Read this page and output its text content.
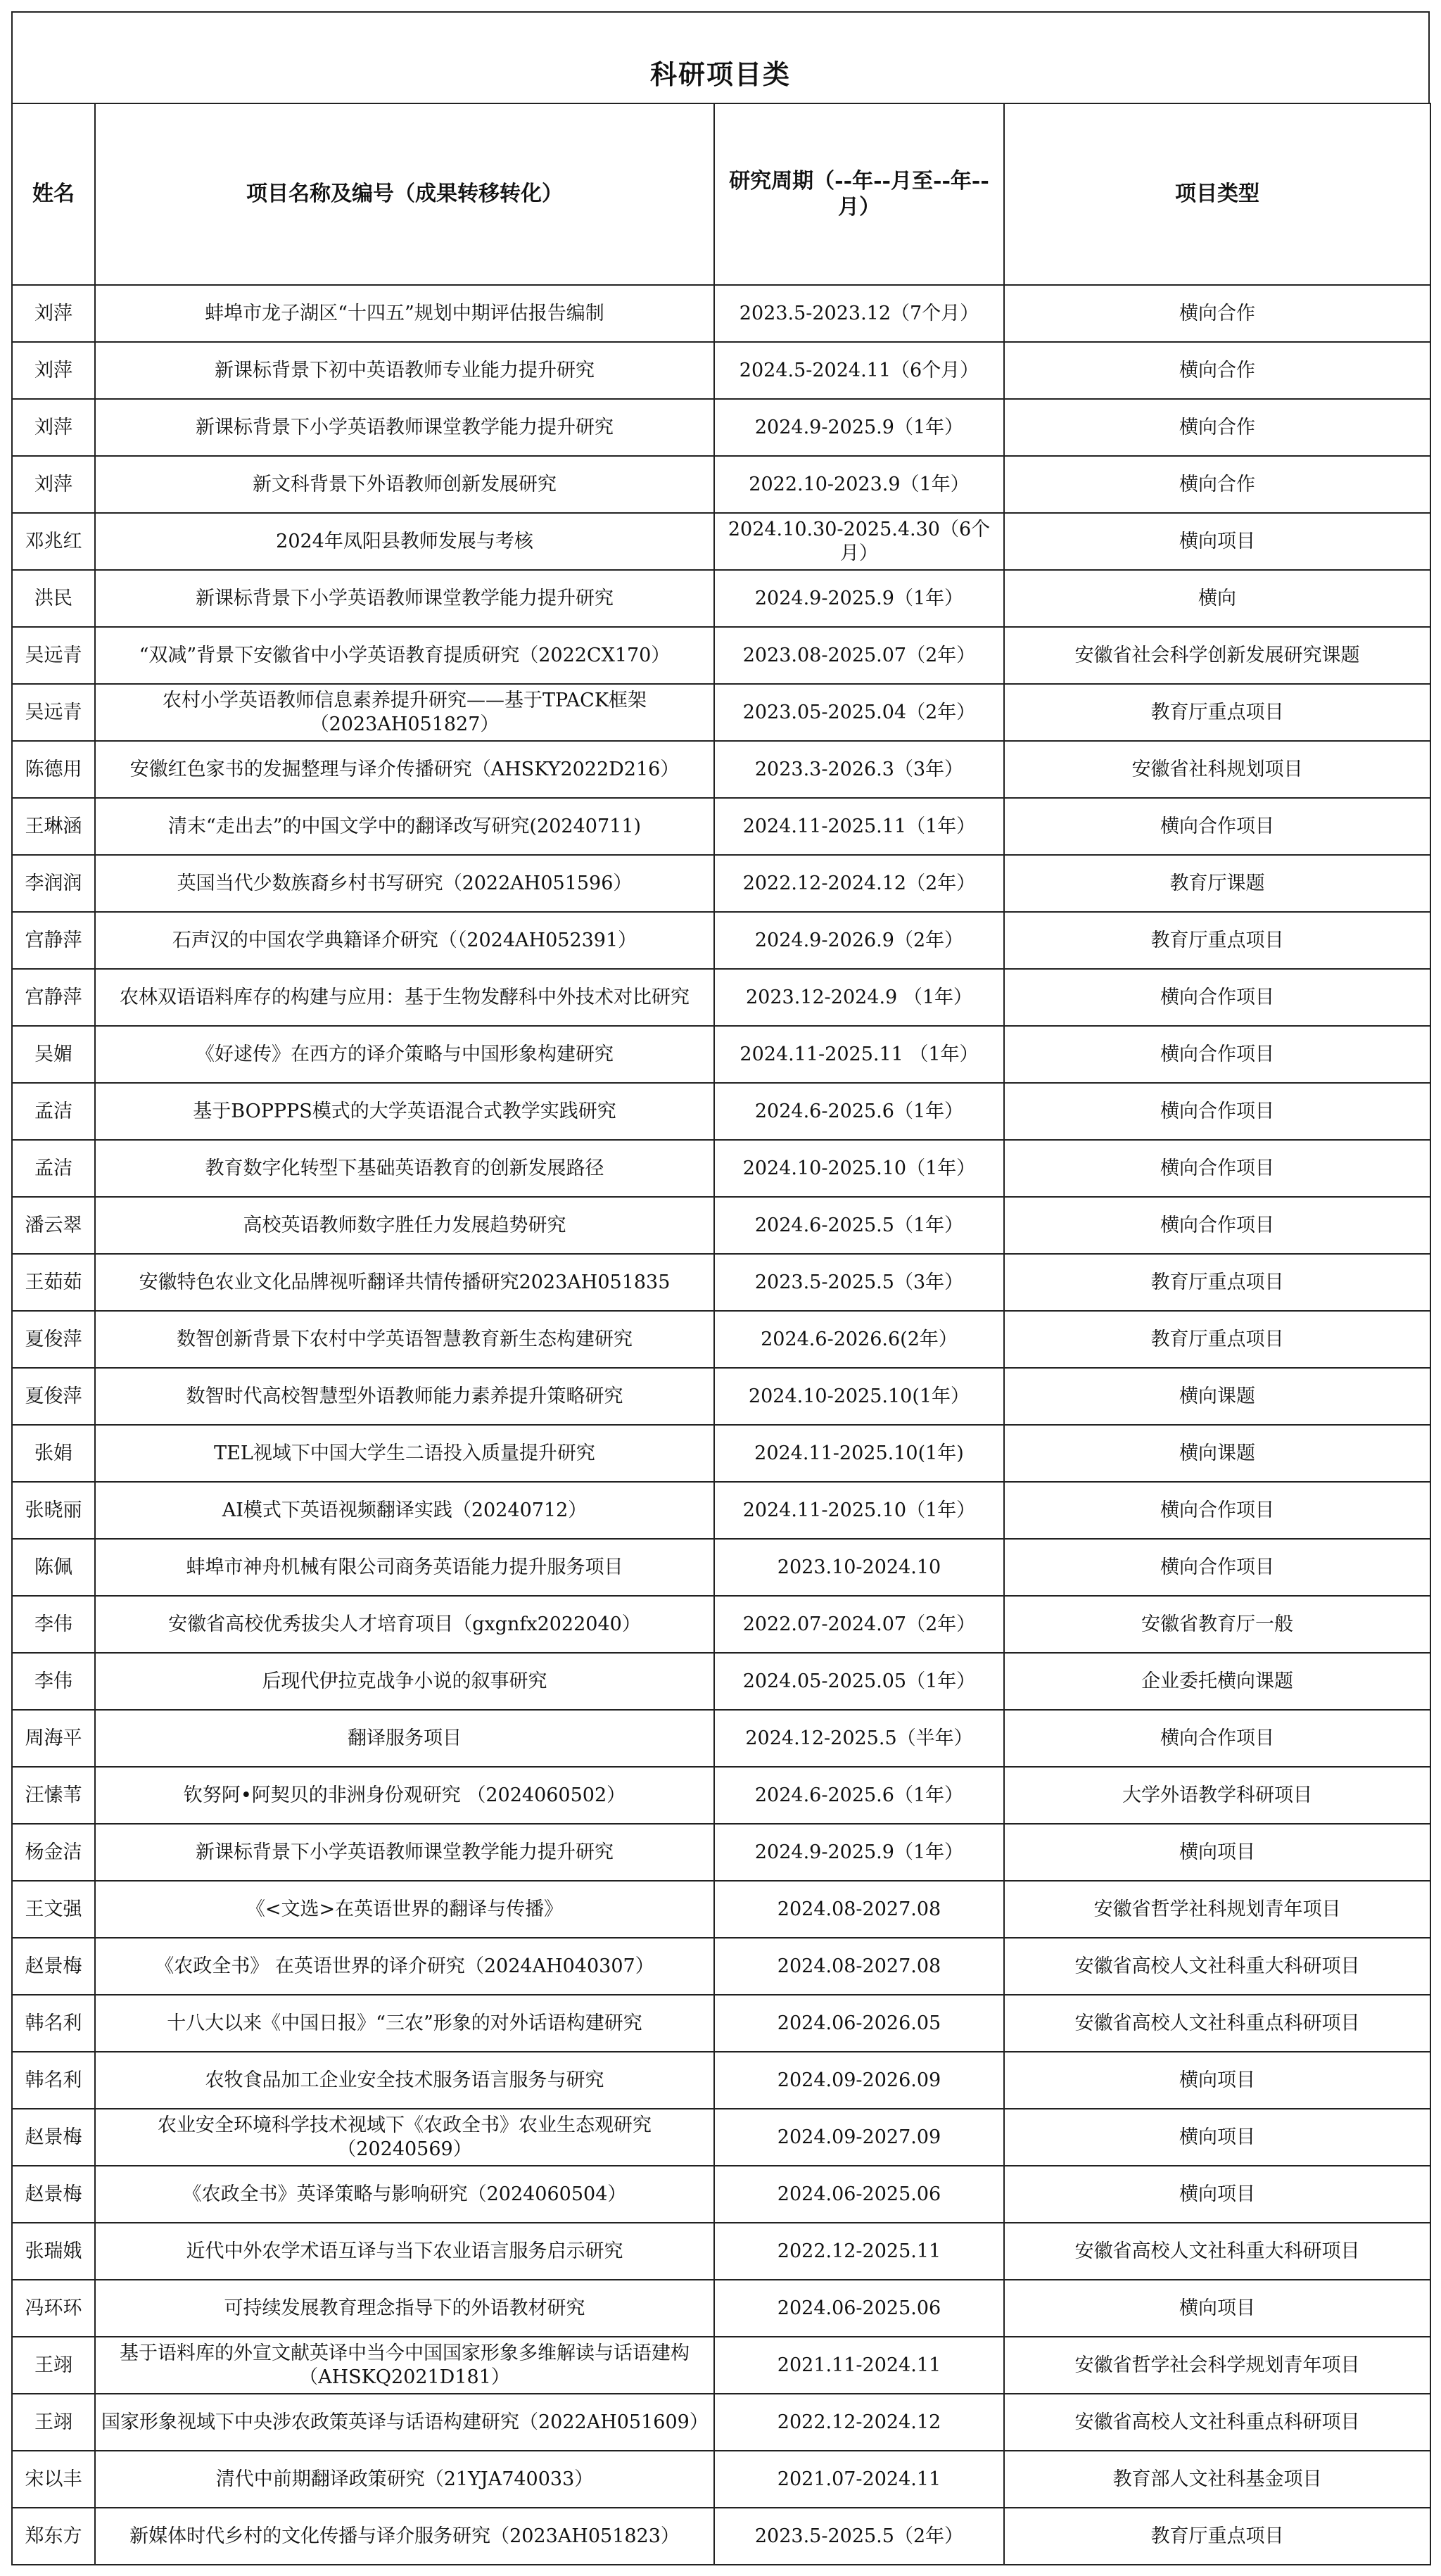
科研项目类
姓名	项目名称及编号（成果转移转化）	研究周期（--年--月至--年--月）	项目类型
刘萍	蚌埠市龙子湖区“十四五”规划中期评估报告编制	2023.5-2023.12（7个月）	横向合作
刘萍	新课标背景下初中英语教师专业能力提升研究	2024.5-2024.11（6个月）	横向合作
刘萍	新课标背景下小学英语教师课堂教学能力提升研究	2024.9-2025.9（1年）	横向合作
刘萍	新文科背景下外语教师创新发展研究	2022.10-2023.9（1年）	横向合作
邓兆红	2024年凤阳县教师发展与考核	2024.10.30-2025.4.30（6个月）	横向项目
洪民	新课标背景下小学英语教师课堂教学能力提升研究	2024.9-2025.9（1年）	横向
吴远青	“双减”背景下安徽省中小学英语教育提质研究（2022CX170）	2023.08-2025.07（2年）	安徽省社会科学创新发展研究课题
吴远青	农村小学英语教师信息素养提升研究——基于TPACK框架（2023AH051827）	2023.05-2025.04（2年）	教育厅重点项目
陈德用	安徽红色家书的发掘整理与译介传播研究（AHSKY2022D216）	2023.3-2026.3（3年）	安徽省社科规划项目
王琳涵	清末“走出去”的中国文学中的翻译改写研究(20240711)	2024.11-2025.11（1年）	横向合作项目
李润润	英国当代少数族裔乡村书写研究（2022AH051596）	2022.12-2024.12（2年）	教育厅课题
宫静萍	石声汉的中国农学典籍译介研究（（2024AH052391）	2024.9-2026.9（2年）	教育厅重点项目
宫静萍	农林双语语料库存的构建与应用：基于生物发酵科中外技术对比研究	2023.12-2024.9 （1年）	横向合作项目
吴媚	《好逑传》在西方的译介策略与中国形象构建研究	2024.11-2025.11 （1年）	横向合作项目
孟洁	基于BOPPPS模式的大学英语混合式教学实践研究	2024.6-2025.6（1年）	横向合作项目
孟洁	教育数字化转型下基础英语教育的创新发展路径	2024.10-2025.10（1年）	横向合作项目
潘云翠	高校英语教师数字胜任力发展趋势研究	2024.6-2025.5（1年）	横向合作项目
王茹茹	安徽特色农业文化品牌视听翻译共情传播研究2023AH051835	2023.5-2025.5（3年）	教育厅重点项目
夏俊萍	数智创新背景下农村中学英语智慧教育新生态构建研究	2024.6-2026.6(2年）	教育厅重点项目
夏俊萍	数智时代高校智慧型外语教师能力素养提升策略研究	2024.10-2025.10(1年）	横向课题
张娟	TEL视域下中国大学生二语投入质量提升研究	2024.11-2025.10(1年)	横向课题
张晓丽	AI模式下英语视频翻译实践（20240712）	2024.11-2025.10（1年）	横向合作项目
陈佩	蚌埠市神舟机械有限公司商务英语能力提升服务项目	2023.10-2024.10	横向合作项目
李伟	安徽省高校优秀拔尖人才培育项目（gxgnfx2022040）	2022.07-2024.07（2年）	安徽省教育厅一般
李伟	后现代伊拉克战争小说的叙事研究	2024.05-2025.05（1年）	企业委托横向课题
周海平	翻译服务项目	2024.12-2025.5（半年）	横向合作项目
汪愫苇	钦努阿•阿契贝的非洲身份观研究 （2024060502）	2024.6-2025.6（1年）	大学外语教学科研项目
杨金洁	新课标背景下小学英语教师课堂教学能力提升研究	2024.9-2025.9（1年）	横向项目
王文强	《<文选>在英语世界的翻译与传播》	2024.08-2027.08	安徽省哲学社科规划青年项目
赵景梅	《农政全书》 在英语世界的译介研究（2024AH040307）	2024.08-2027.08	安徽省高校人文社科重大科研项目
韩名利	十八大以来《中国日报》“三农”形象的对外话语构建研究	2024.06-2026.05	安徽省高校人文社科重点科研项目
韩名利	农牧食品加工企业安全技术服务语言服务与研究	2024.09-2026.09	横向项目
赵景梅	农业安全环境科学技术视域下《农政全书》农业生态观研究（20240569）	2024.09-2027.09	横向项目
赵景梅	《农政全书》英译策略与影响研究（2024060504）	2024.06-2025.06	横向项目
张瑞娥	近代中外农学术语互译与当下农业语言服务启示研究	2022.12-2025.11	安徽省高校人文社科重大科研项目
冯环环	可持续发展教育理念指导下的外语教材研究	2024.06-2025.06	横向项目
王翊	基于语料库的外宣文献英译中当今中国国家形象多维解读与话语建构（AHSKQ2021D181）	2021.11-2024.11	安徽省哲学社会科学规划青年项目
王翊	国家形象视域下中央涉农政策英译与话语构建研究（2022AH051609）	2022.12-2024.12	安徽省高校人文社科重点科研项目
宋以丰	清代中前期翻译政策研究（21YJA740033）	2021.07-2024.11	教育部人文社科基金项目
郑东方	新媒体时代乡村的文化传播与译介服务研究（2023AH051823）	2023.5-2025.5（2年）	教育厅重点项目
